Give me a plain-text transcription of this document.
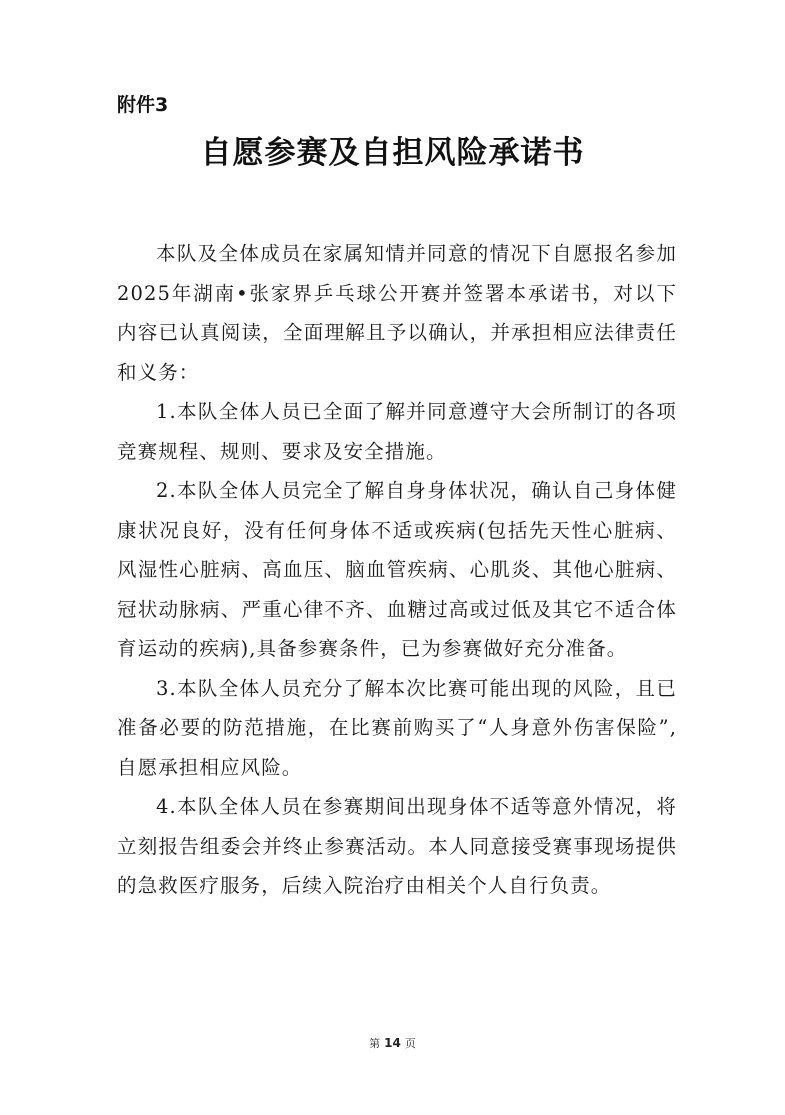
附件3
自愿参赛及自担风险承诺书

本队及全体成员在家属知情并同意的情况下自愿报名参加2025年湖南•张家界乒乓球公开赛并签署本承诺书，对以下内容已认真阅读，全面理解且予以确认，并承担相应法律责任和义务：

1.本队全体人员已全面了解并同意遵守大会所制订的各项竞赛规程、规则、要求及安全措施。

2.本队全体人员完全了解自身身体状况，确认自己身体健康状况良好，没有任何身体不适或疾病(包括先天性心脏病、风湿性心脏病、高血压、脑血管疾病、心肌炎、其他心脏病、冠状动脉病、严重心律不齐、血糖过高或过低及其它不适合体育运动的疾病),具备参赛条件，已为参赛做好充分准备。

3.本队全体人员充分了解本次比赛可能出现的风险，且已准备必要的防范措施，在比赛前购买了“人身意外伤害保险”,自愿承担相应风险。

4.本队全体人员在参赛期间出现身体不适等意外情况，将立刻报告组委会并终止参赛活动。本人同意接受赛事现场提供的急救医疗服务，后续入院治疗由相关个人自行负责。

第 14 页
